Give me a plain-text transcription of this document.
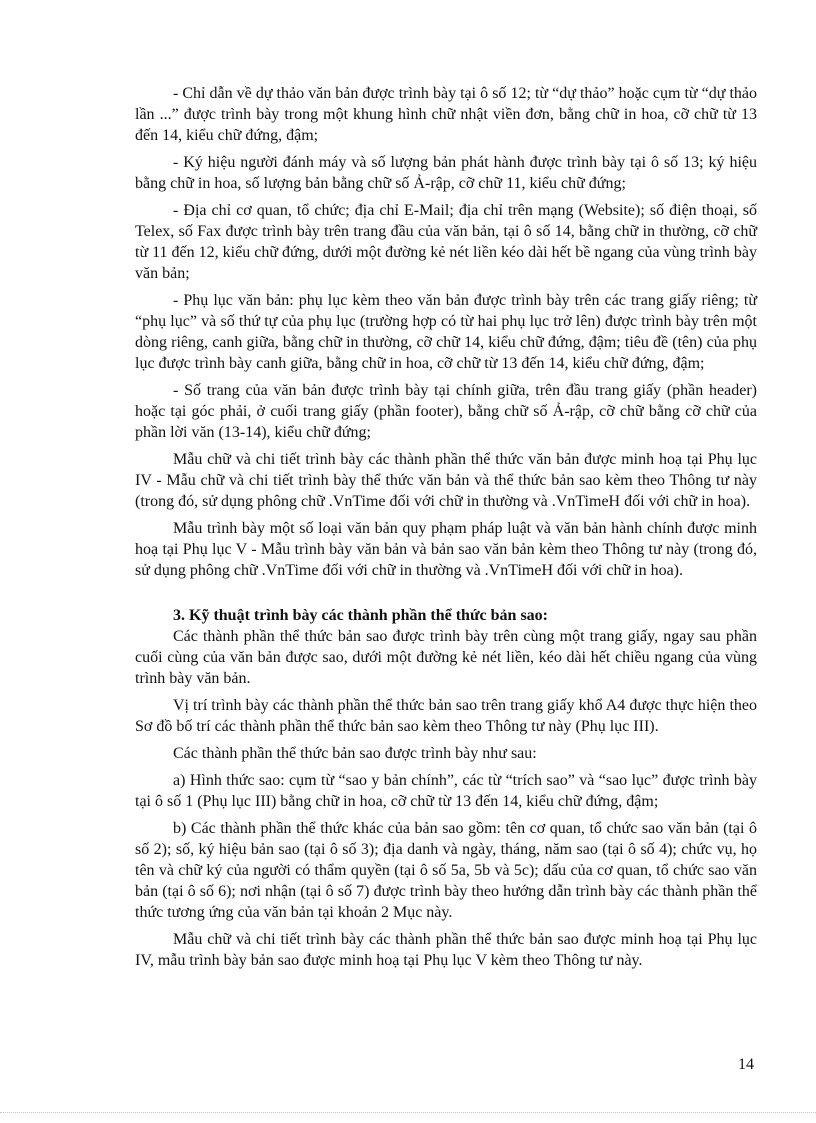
- Chỉ dẫn về dự thảo văn bản được trình bày tại ô số 12; từ “dự thảo” hoặc cụm từ “dự thảo lần ...” được trình bày trong một khung hình chữ nhật viền đơn, bằng chữ in hoa, cỡ chữ từ 13 đến 14, kiểu chữ đứng, đậm;

- Ký hiệu người đánh máy và số lượng bản phát hành được trình bày tại ô số 13; ký hiệu bằng chữ in hoa, số lượng bản bằng chữ số Ả-rập, cỡ chữ 11, kiểu chữ đứng;

- Địa chỉ cơ quan, tổ chức; địa chỉ E-Mail; địa chỉ trên mạng (Website); số điện thoại, số Telex, số Fax được trình bày trên trang đầu của văn bản, tại ô số 14, bằng chữ in thường, cỡ chữ từ 11 đến 12, kiểu chữ đứng, dưới một đường kẻ nét liền kéo dài hết bề ngang của vùng trình bày văn bản;

- Phụ lục văn bản: phụ lục kèm theo văn bản được trình bày trên các trang giấy riêng; từ “phụ lục” và số thứ tự của phụ lục (trường hợp có từ hai phụ lục trở lên) được trình bày trên một dòng riêng, canh giữa, bằng chữ in thường, cỡ chữ 14, kiểu chữ đứng, đậm; tiêu đề (tên) của phụ lục được trình bày canh giữa, bằng chữ in hoa, cỡ chữ từ 13 đến 14, kiểu chữ đứng, đậm;

- Số trang của văn bản được trình bày tại chính giữa, trên đầu trang giấy (phần header) hoặc tại góc phải, ở cuối trang giấy (phần footer), bằng chữ số Ả-rập, cỡ chữ bằng cỡ chữ của phần lời văn (13-14), kiểu chữ đứng;

Mẫu chữ và chi tiết trình bày các thành phần thể thức văn bản được minh hoạ tại Phụ lục IV - Mẫu chữ và chi tiết trình bày thể thức văn bản và thể thức bản sao kèm theo Thông tư này (trong đó, sử dụng phông chữ .VnTime đối với chữ in thường và .VnTimeH đối với chữ in hoa).

Mẫu trình bày một số loại văn bản quy phạm pháp luật và văn bản hành chính được minh hoạ tại Phụ lục V - Mẫu trình bày văn bản và bản sao văn bản kèm theo Thông tư này (trong đó, sử dụng phông chữ .VnTime đối với chữ in thường và .VnTimeH đối với chữ in hoa).

3. Kỹ thuật trình bày các thành phần thể thức bản sao:

Các thành phần thể thức bản sao được trình bày trên cùng một trang giấy, ngay sau phần cuối cùng của văn bản được sao, dưới một đường kẻ nét liền, kéo dài hết chiều ngang của vùng trình bày văn bản.

Vị trí trình bày các thành phần thể thức bản sao trên trang giấy khổ A4 được thực hiện theo Sơ đồ bố trí các thành phần thể thức bản sao kèm theo Thông tư này (Phụ lục III).

Các thành phần thể thức bản sao được trình bày như sau:

a) Hình thức sao: cụm từ “sao y bản chính”, các từ “trích sao” và “sao lục” được trình bày tại ô số 1 (Phụ lục III) bằng chữ in hoa, cỡ chữ từ 13 đến 14, kiểu chữ đứng, đậm;

b) Các thành phần thể thức khác của bản sao gồm: tên cơ quan, tổ chức sao văn bản (tại ô số 2); số, ký hiệu bản sao (tại ô số 3); địa danh và ngày, tháng, năm sao (tại ô số 4); chức vụ, họ tên và chữ ký của người có thẩm quyền (tại ô số 5a, 5b và 5c); dấu của cơ quan, tổ chức sao văn bản (tại ô số 6); nơi nhận (tại ô số 7) được trình bày theo hướng dẫn trình bày các thành phần thể thức tương ứng của văn bản tại khoản 2 Mục này.

Mẫu chữ và chi tiết trình bày các thành phần thể thức bản sao được minh hoạ tại Phụ lục IV, mẫu trình bày bản sao được minh hoạ tại Phụ lục V kèm theo Thông tư này.

14
